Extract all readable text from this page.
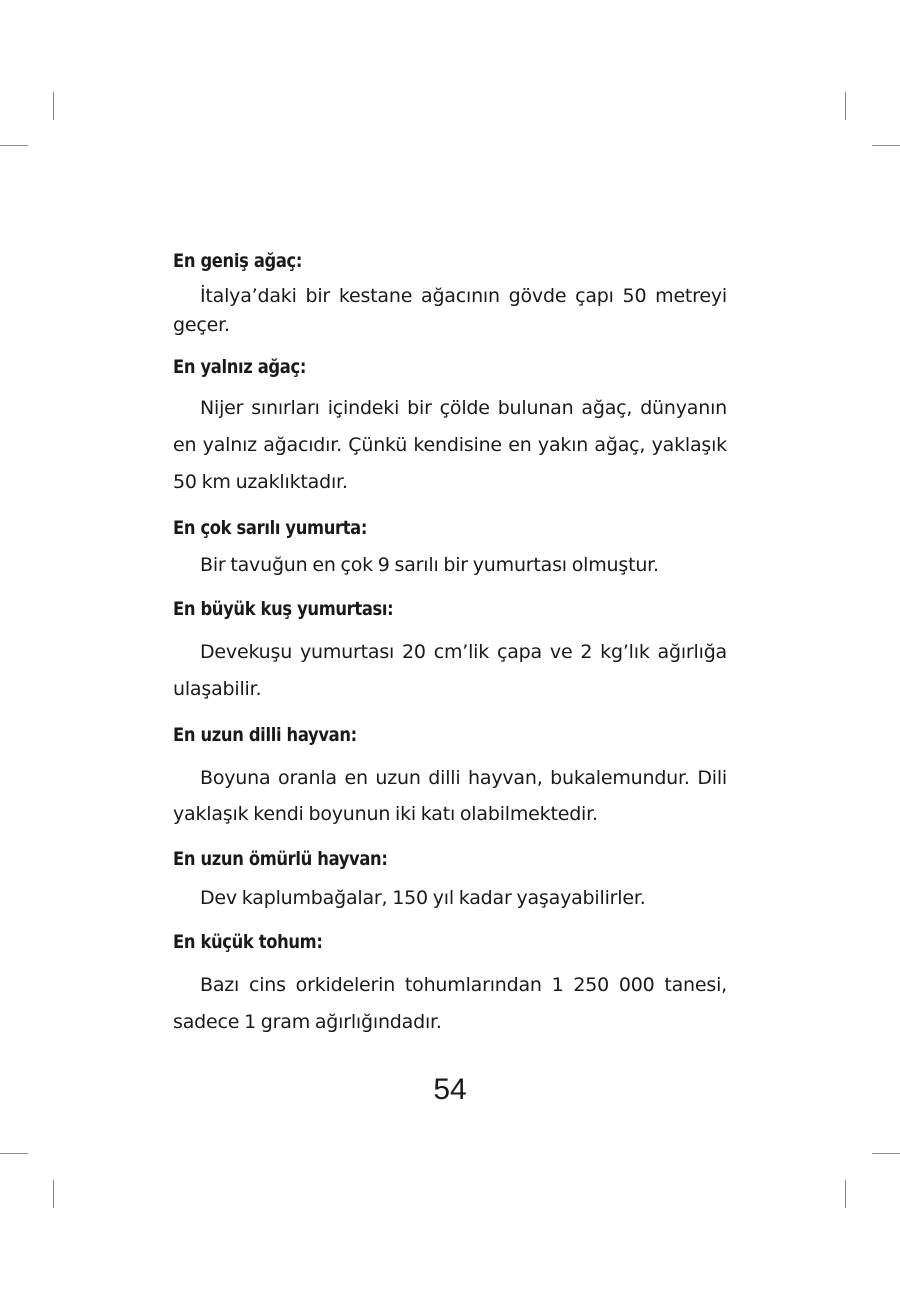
En geniş ağaç:

İtalya’daki bir kestane ağacının gövde çapı 50 metreyi geçer.

En yalnız ağaç:

Nijer sınırları içindeki bir çölde bulunan ağaç, dünyanın en yalnız ağacıdır. Çünkü kendisine en yakın ağaç, yaklaşık 50 km uzaklıktadır.

En çok sarılı yumurta:

Bir tavuğun en çok 9 sarılı bir yumurtası olmuştur.

En büyük kuş yumurtası:

Devekuşu yumurtası 20 cm’lik çapa ve 2 kg’lık ağırlığa ulaşabilir.

En uzun dilli hayvan:

Boyuna oranla en uzun dilli hayvan, bukalemundur. Dili yaklaşık kendi boyunun iki katı olabilmektedir.

En uzun ömürlü hayvan:

Dev kaplumbağalar, 150 yıl kadar yaşayabilirler.

En küçük tohum:

Bazı cins orkidelerin tohumlarından 1 250 000 tanesi, sadece 1 gram ağırlığındadır.

54
